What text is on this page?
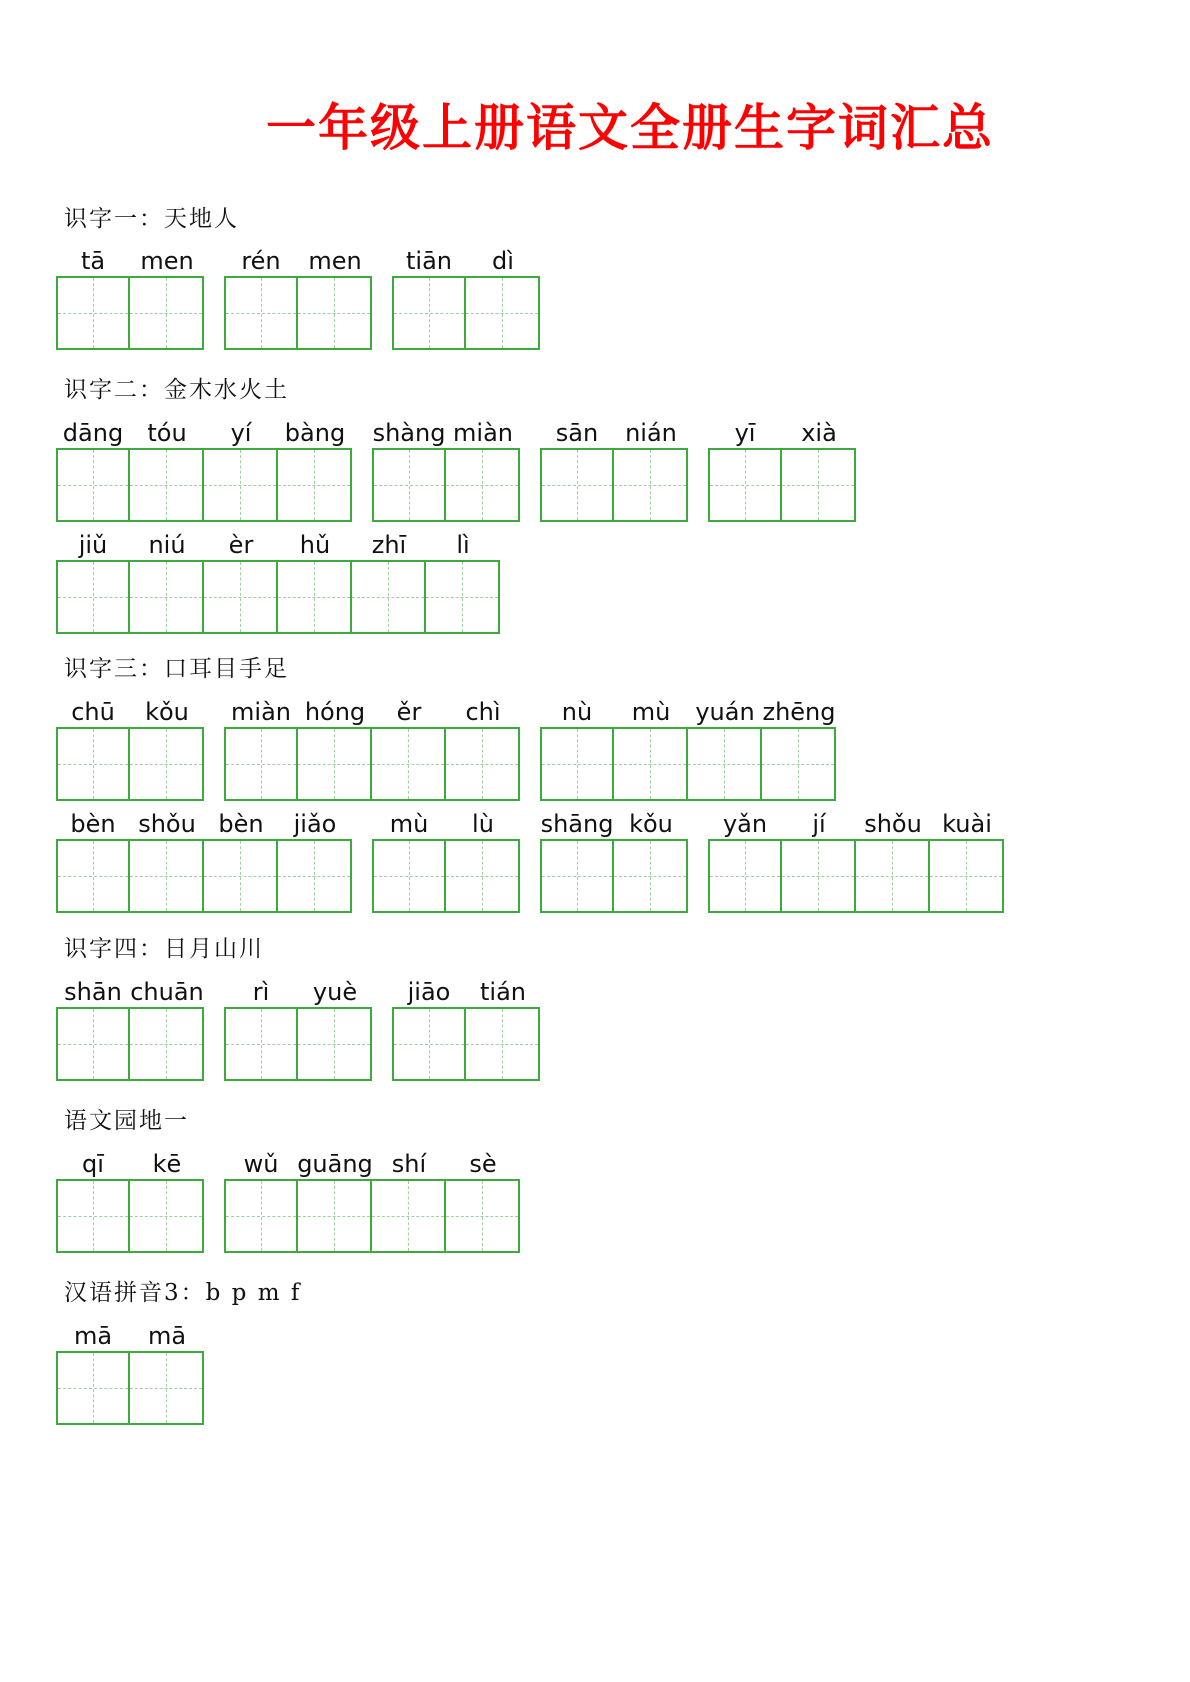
一年级上册语文全册生字词汇总
识字一：天地人
tā	men	rén	men	tiān	dì
识字二：金木水火土
dāng	tóu	yí	bàng	shàng miàn	sān	nián	yī	xià
jiǔ	niú	èr	hǔ	zhī	lì
识字三：口耳目手足
chū	kǒu	miàn hóng	ěr	chì	nù	mù	yuán zhēng
bèn shǒu bèn	jiǎo	mù	lù	shāng kǒu	yǎn	jí	shǒu kuài
识字四：日月山川
shān chuān	rì	yuè	jiāo	tián
语文园地一
qī	kē	wǔ guāng shí	sè
汉语拼音3：b p m f
mā	mā
